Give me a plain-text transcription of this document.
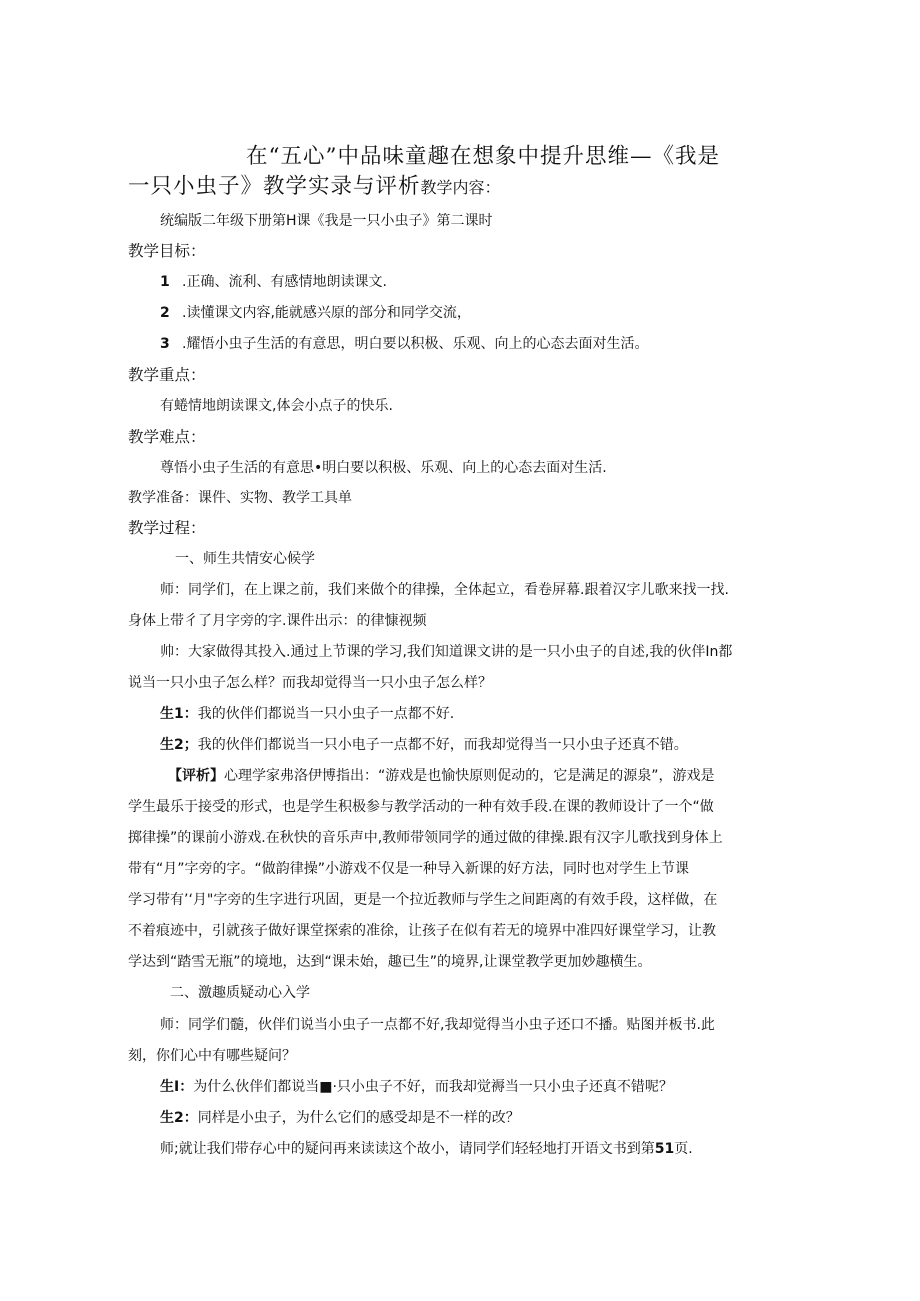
在“五心”中品味童趣在想象中提升思维—《我是
一只小虫子》教学实录与评析教学内容：
统编版二年级下册第H课《我是一只小虫子》第二课时
教学目标：
1 .正确、流利、有感情地朗读课文.
2 .读懂课文内容,能就感兴原的部分和同学交流，
3 .耀悟小虫子生活的有意思，明白要以积极、乐观、向上的心态去面对生活。
教学重点：
有蜷情地朗读课文,体会小点子的快乐.
教学难点：
尊悟小虫子生活的有意思•明白要以积极、乐观、向上的心态去面对生活.
教学准备：课件、实物、教学工具单
教学过程：
一、师生共情安心候学
师：同学们，在上课之前，我们来做个的律操，全体起立，看卷屏幕.跟着汉字儿歌来找一找.
身体上带彳了月字旁的字.课件出示：的律慷视频
帅：大家做得其投入.通过上节课的学习,我们知道课文讲的是一只小虫子的自述,我的伙伴In都
说当一只小虫子怎么样？而我却觉得当一只小虫子怎么样？
生1：我的伙伴们都说当一只小虫子一点都不好.
生2；我的伙伴们都说当一只小电子一点都不好，而我却觉得当一只小虫子还真不错。
【评析】心理学家弗洛伊博指出：“游戏是也愉快原则促动的，它是满足的源泉”，游戏是
学生最乐于接受的形式，也是学生积极参与教学活动的一种有效手段.在课的教师设计了一个“做
掷律操”的课前小游戏.在秋快的音乐声中,教师带领同学的通过做的律操.跟有汉字儿歌找到身体上
带有“月”字旁的字。“做韵律操”小游戏不仅是一种导入新课的好方法，同时也对学生上节课
学习带有’‘月"字旁的生字进行巩固，更是一个拉近教师与学生之间距离的有效手段，这样做，在
不着痕迹中，引就孩子做好课堂探索的准徐，让孩子在似有若无的境界中准四好课堂学习，让教
学达到“踏雪无瓶”的境地，达到“课未始，趣已生”的境界,让课堂教学更加妙趣横生。
二、激趣质疑动心入学
师：同学们髓，伙伴们说当小虫子一点都不好,我却觉得当小虫子还口不播。贴图并板书.此
刻，你们心中有哪些疑问？
生I：为什么伙伴们都说当■·只小虫子不好，而我却觉褥当一只小虫子还真不错呢？
生2：同样是小虫子，为什么它们的感受却是不一样的改？
师;就让我们带存心中的疑问再来读读这个故小，请同学们轻轻地打开语文书到第51页.
